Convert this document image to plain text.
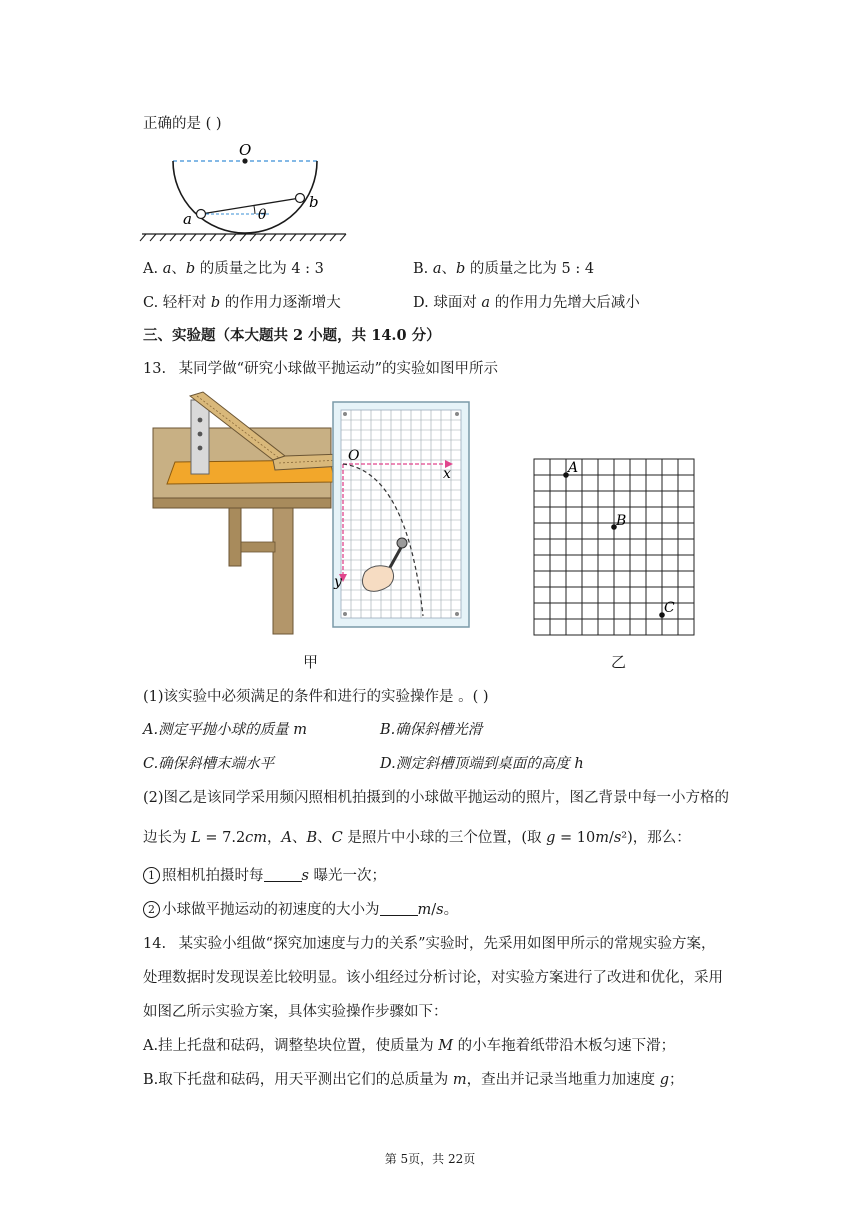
正确的是 ( )
O
a
b
θ
A. 𝑎、𝑏 的质量之比为 4 : 3	B. 𝑎、𝑏 的质量之比为 5 : 4
C. 轻杆对 𝑏 的作用力逐渐增大	D. 球面对 𝑎 的作用力先增大后减小
三、实验题（本大题共 2 小题，共 14.0 分）
13. 某同学做“研究小球做平抛运动”的实验如图甲所示
O
x
y
甲
A
B
C
乙
(1)该实验中必须满足的条件和进行的实验操作是 。( )
A.测定平抛小球的质量 𝑚	B.确保斜槽光滑
C.确保斜槽末端水平	D.测定斜槽顶端到桌面的高度 ℎ
(2)图乙是该同学采用频闪照相机拍摄到的小球做平抛运动的照片，图乙背景中每一小方格的
边长为 𝐿 = 7.2𝑐𝑚，𝐴、𝐵、𝐶 是照片中小球的三个位置，(取 𝑔 = 10𝑚/𝑠²)，那么：
1 照相机拍摄时每	𝑠 曝光一次；
2 小球做平抛运动的初速度的大小为	𝑚/𝑠。
14. 某实验小组做“探究加速度与力的关系”实验时，先采用如图甲所示的常规实验方案，
处理数据时发现误差比较明显。该小组经过分析讨论，对实验方案进行了改进和优化，采用
如图乙所示实验方案，具体实验操作步骤如下：
A.挂上托盘和砝码，调整垫块位置，使质量为 𝑀 的小车拖着纸带沿木板匀速下滑；
B.取下托盘和砝码，用天平测出它们的总质量为 𝑚，查出并记录当地重力加速度 𝑔；
第 5页，共 22页
